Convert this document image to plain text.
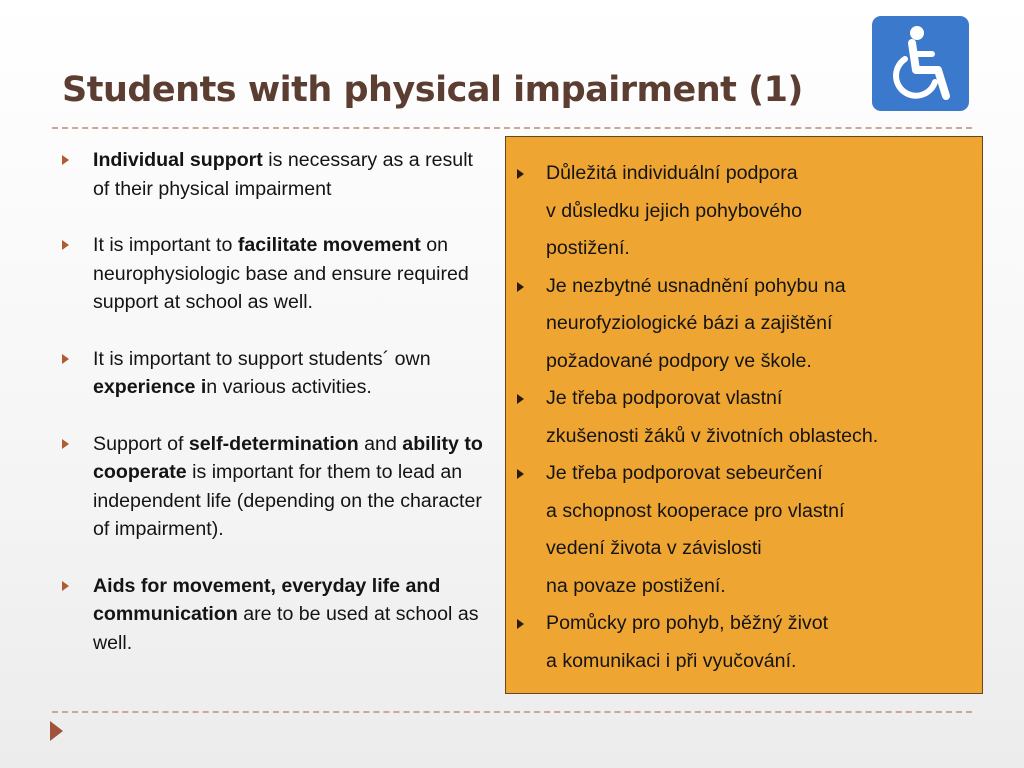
Students with physical impairment (1)
Individual support is necessary as a result of their physical impairment
It is important to facilitate movement on neurophysiologic base and ensure required support at school as well.
It is important to support students´ own experience in various activities.
Support of self-determination and ability to cooperate is important for them to lead an independent life (depending on the character of impairment).
Aids for movement, everyday life and communication are to be used at school as well.
Důležitá individuální podpora
v důsledku jejich pohybového
postižení.
Je nezbytné usnadnění pohybu na
neurofyziologické bázi a zajištění
požadované podpory ve škole.
Je třeba podporovat vlastní
zkušenosti žáků v životních oblastech.
Je třeba podporovat sebeurčení
a schopnost kooperace pro vlastní
vedení života v závislosti
na povaze postižení.
Pomůcky pro pohyb, běžný život
a komunikaci i při vyučování.
